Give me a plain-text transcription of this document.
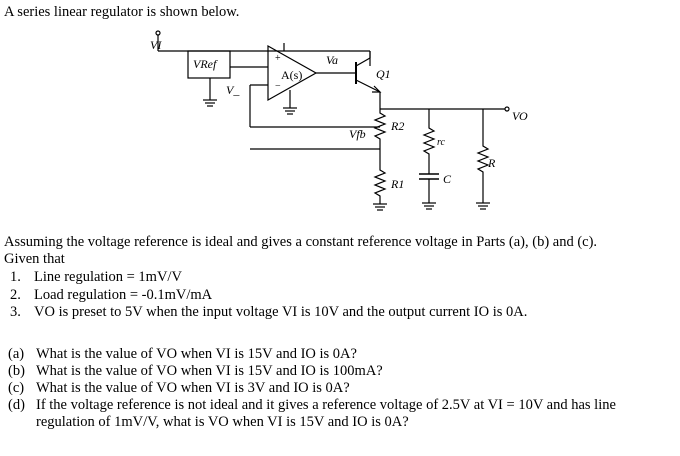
A series linear regulator is shown below.
VI
VRef
V_
A(s)
+
−
Va
Q1
VO
Vfb
R2
R1
rc
C
R
Assuming the voltage reference is ideal and gives a constant reference voltage in Parts (a), (b) and (c).
Given that
1. Line regulation = 1mV/V
2. Load regulation = -0.1mV/mA
3. VO is preset to 5V when the input voltage VI is 10V and the output current IO is 0A.
(a) What is the value of VO when VI is 15V and IO is 0A?
(b) What is the value of VO when VI is 15V and IO is 100mA?
(c) What is the value of VO when VI is 3V and IO is 0A?
(d) If the voltage reference is not ideal and it gives a reference voltage of 2.5V at VI = 10V and has line
regulation of 1mV/V, what is VO when VI is 15V and IO is 0A?
